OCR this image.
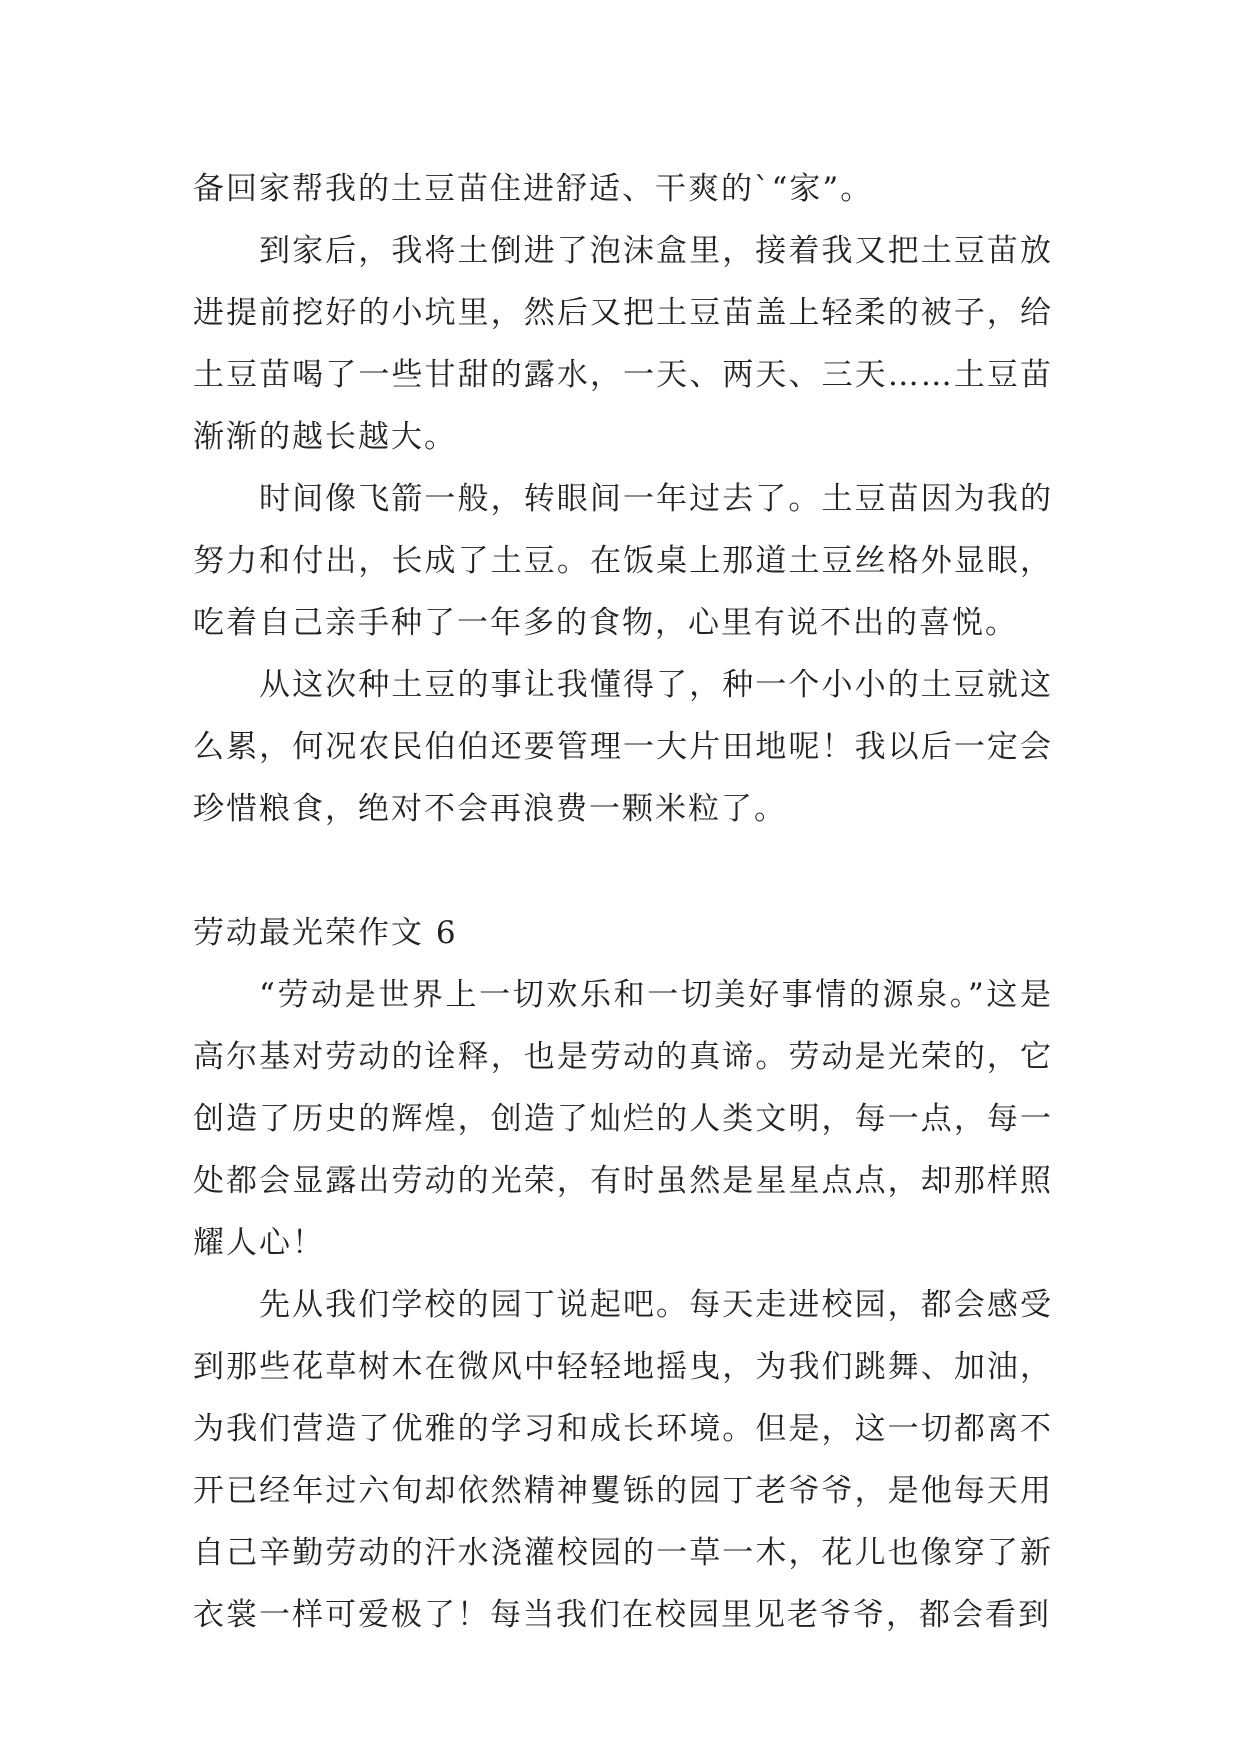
备回家帮我的土豆苗住进舒适、干爽的`“家”。

到家后，我将土倒进了泡沫盒里，接着我又把土豆苗放进提前挖好的小坑里，然后又把土豆苗盖上轻柔的被子，给土豆苗喝了一些甘甜的露水，一天、两天、三天……土豆苗渐渐的越长越大。

时间像飞箭一般，转眼间一年过去了。土豆苗因为我的努力和付出，长成了土豆。在饭桌上那道土豆丝格外显眼，吃着自己亲手种了一年多的食物，心里有说不出的喜悦。

从这次种土豆的事让我懂得了，种一个小小的土豆就这么累，何况农民伯伯还要管理一大片田地呢！我以后一定会珍惜粮食，绝对不会再浪费一颗米粒了。

劳动最光荣作文 6

“劳动是世界上一切欢乐和一切美好事情的源泉。”这是高尔基对劳动的诠释，也是劳动的真谛。劳动是光荣的，它创造了历史的辉煌，创造了灿烂的人类文明，每一点，每一处都会显露出劳动的光荣，有时虽然是星星点点，却那样照耀人心！

先从我们学校的园丁说起吧。每天走进校园，都会感受到那些花草树木在微风中轻轻地摇曳，为我们跳舞、加油，为我们营造了优雅的学习和成长环境。但是，这一切都离不开已经年过六旬却依然精神矍铄的园丁老爷爷，是他每天用自己辛勤劳动的汗水浇灌校园的一草一木，花儿也像穿了新衣裳一样可爱极了！每当我们在校园里见老爷爷，都会看到
